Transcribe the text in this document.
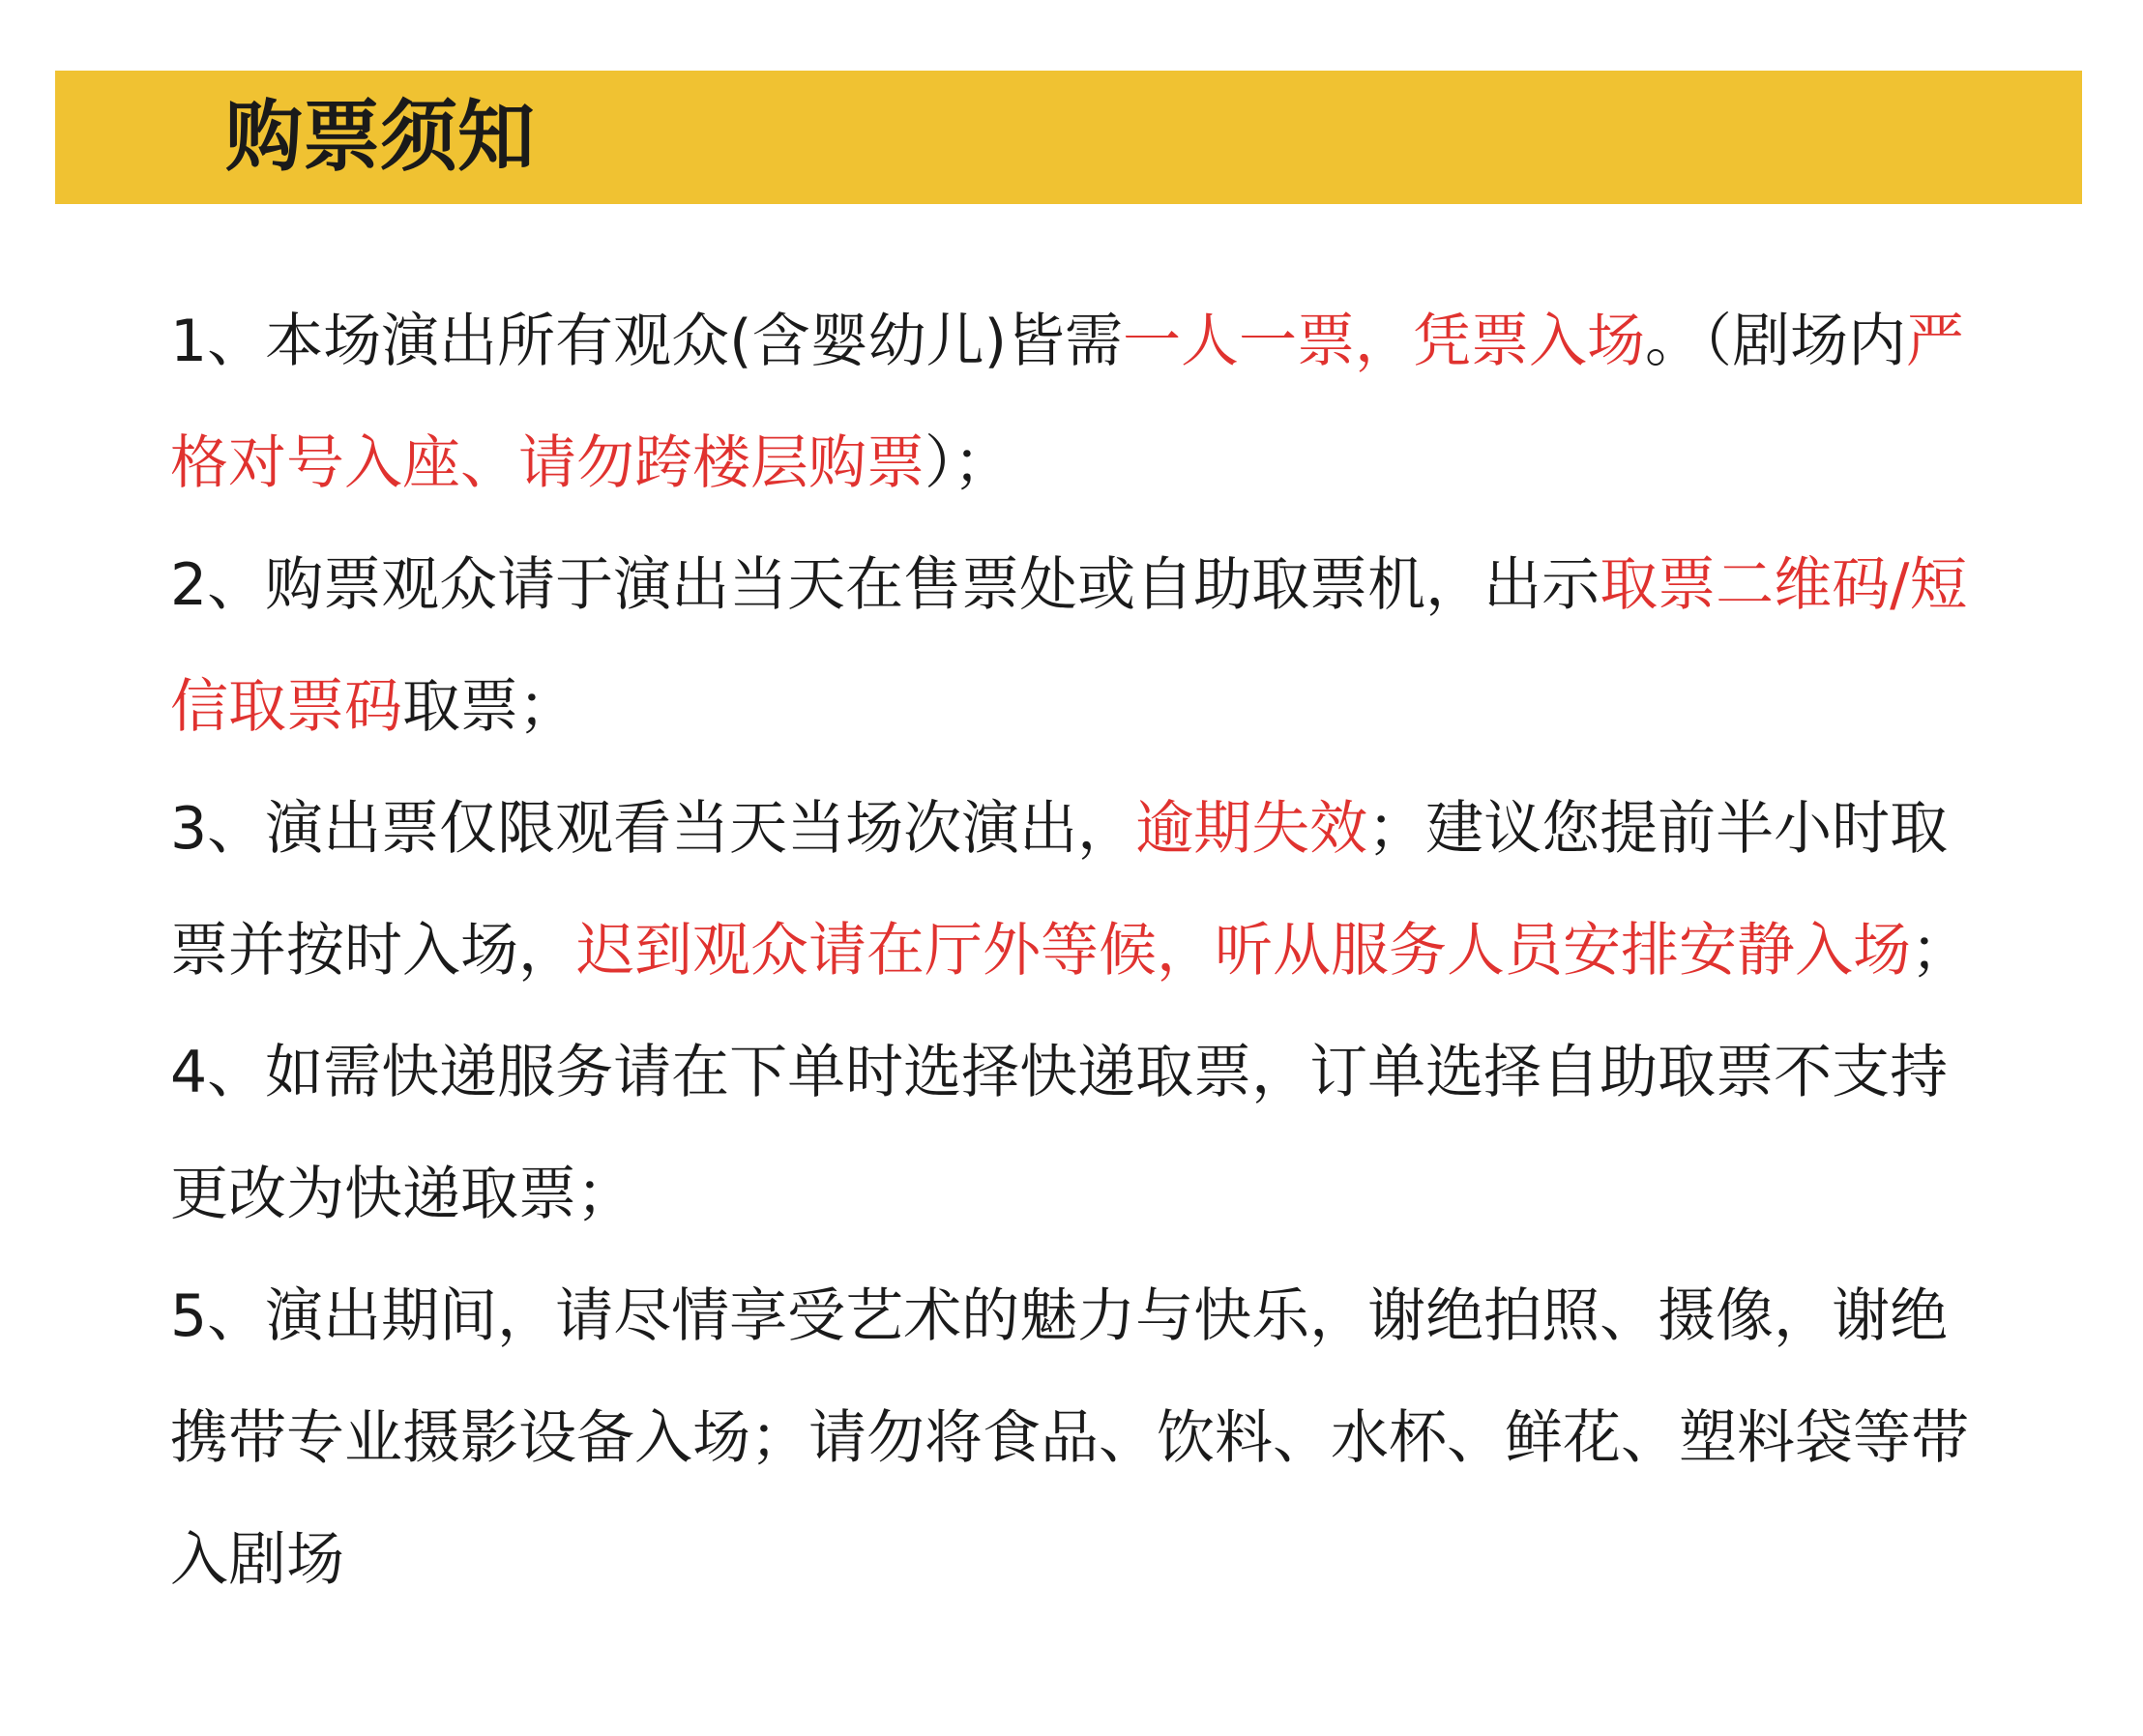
购票须知
1、本场演出所有观众(含婴幼儿)皆需一人一票，凭票入场。（剧场内严格对号入座、请勿跨楼层购票）；
2、购票观众请于演出当天在售票处或自助取票机，出示取票二维码/短信取票码取票；
3、演出票仅限观看当天当场次演出，逾期失效；建议您提前半小时取票并按时入场，迟到观众请在厅外等候，听从服务人员安排安静入场；
4、如需快递服务请在下单时选择快递取票，订单选择自助取票不支持更改为快递取票；
5、演出期间，请尽情享受艺术的魅力与快乐，谢绝拍照、摄像，谢绝携带专业摄影设备入场；请勿将食品、饮料、水杯、鲜花、塑料袋等带入剧场
